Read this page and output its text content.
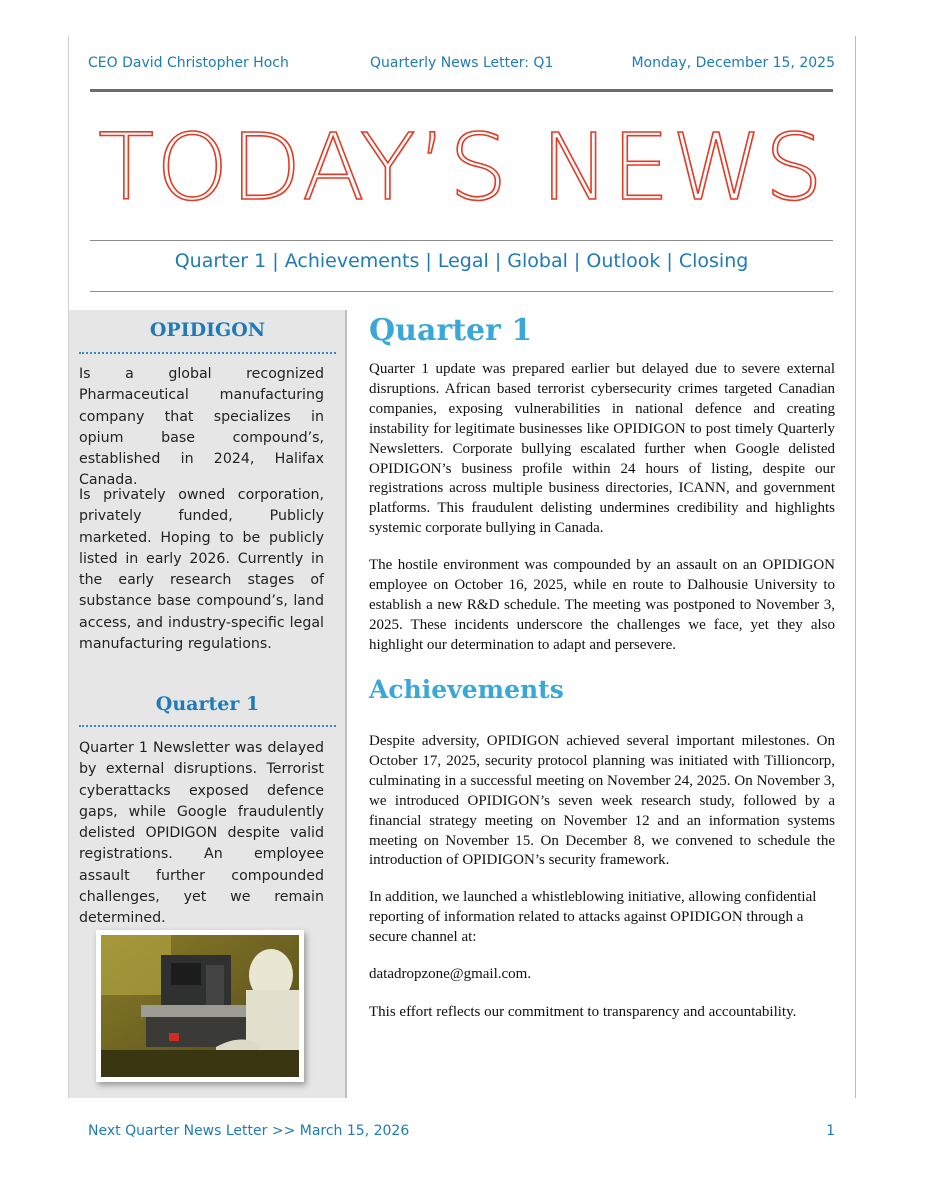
CEO David Christopher Hoch	Quarterly News Letter: Q1	Monday, December 15, 2025
TODAY’S NEWS
Quarter 1 | Achievements | Legal | Global | Outlook | Closing
OPIDIGON

Is a global recognized Pharmaceutical manufacturing company that specializes in opium base compound’s, established in 2024, Halifax Canada.

Is privately owned corporation, privately funded, Publicly marketed. Hoping to be publicly listed in early 2026. Currently in the early research stages of substance base compound’s, land access, and industry-specific legal manufacturing regulations.

Quarter 1

Quarter 1 Newsletter was delayed by external disruptions. Terrorist cyberattacks exposed defence gaps, while Google fraudulently delisted OPIDIGON despite valid registrations. An employee assault further compounded challenges, yet we remain determined.

Quarter 1

Quarter 1 update was prepared earlier but delayed due to severe external disruptions. African based terrorist cybersecurity crimes targeted Canadian companies, exposing vulnerabilities in national defence and creating instability for legitimate businesses like OPIDIGON to post timely Quarterly Newsletters. Corporate bullying escalated further when Google delisted OPIDIGON’s business profile within 24 hours of listing, despite our registrations across multiple business directories, ICANN, and government platforms. This fraudulent delisting undermines credibility and highlights systemic corporate bullying in Canada.

The hostile environment was compounded by an assault on an OPIDIGON employee on October 16, 2025, while en route to Dalhousie University to establish a new R&D schedule. The meeting was postponed to November 3, 2025. These incidents underscore the challenges we face, yet they also highlight our determination to adapt and persevere.

Achievements

Despite adversity, OPIDIGON achieved several important milestones. On October 17, 2025, security protocol planning was initiated with Tillioncorp, culminating in a successful meeting on November 24, 2025. On November 3, we introduced OPIDIGON’s seven week research study, followed by a financial strategy meeting on November 12 and an information systems meeting on November 15. On December 8, we convened to schedule the introduction of OPIDIGON’s security framework.

In addition, we launched a whistleblowing initiative, allowing confidential reporting of information related to attacks against OPIDIGON through a secure channel at:

datadropzone@gmail.com.

This effort reflects our commitment to transparency and accountability.

Next Quarter News Letter >> March 15, 2026	1
